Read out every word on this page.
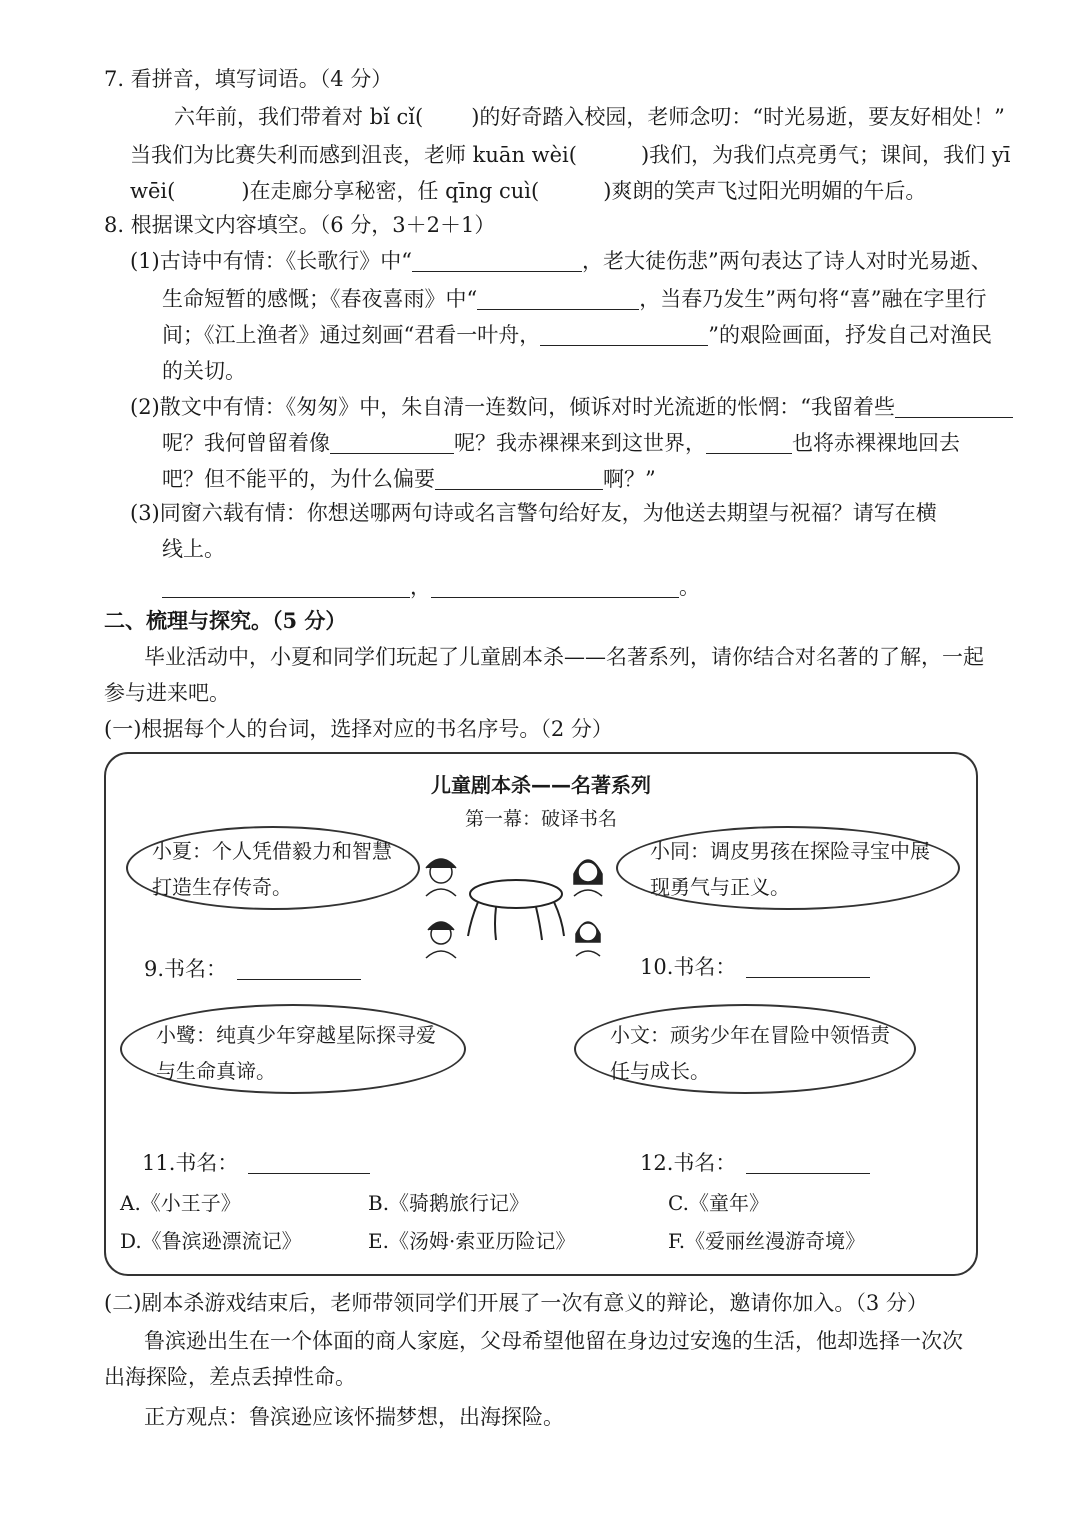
7. 看拼音，填写词语。（4 分）
六年前，我们带着对 bǐ cǐ( )的好奇踏入校园，老师念叨：“时光易逝，要友好相处！”
当我们为比赛失利而感到沮丧，老师 kuān wèi(	)我们，为我们点亮勇气；课间，我们 yī
wēi(	)在走廊分享秘密，任 qīng cuì(	)爽朗的笑声飞过阳光明媚的午后。
8. 根据课文内容填空。（6 分，3＋2＋1）
(1)古诗中有情：《长歌行》中“	，老大徒伤悲”两句表达了诗人对时光易逝、
生命短暂的感慨；《春夜喜雨》中“	，当春乃发生”两句将“喜”融在字里行
间；《江上渔者》通过刻画“君看一叶舟，	”的艰险画面，抒发自己对渔民
的关切。
(2)散文中有情：《匆匆》中，朱自清一连数问，倾诉对时光流逝的怅惘：“我留着些
呢？我何曾留着像	呢？我赤裸裸来到这世界，	也将赤裸裸地回去
吧？但不能平的，为什么偏要	啊？”
(3)同窗六载有情：你想送哪两句诗或名言警句给好友，为他送去期望与祝福？请写在横
线上。
，	。
二、梳理与探究。（5 分）
毕业活动中，小夏和同学们玩起了儿童剧本杀——名著系列，请你结合对名著的了解，一起
参与进来吧。
(一)根据每个人的台词，选择对应的书名序号。（2 分）
儿童剧本杀——名著系列
第一幕：破译书名
小夏：个人凭借毅力和智慧
打造生存传奇。
小同：调皮男孩在探险寻宝中展
现勇气与正义。
9.书名：	10.书名：
小鹭：纯真少年穿越星际探寻爱
与生命真谛。
小文：顽劣少年在冒险中领悟责
任与成长。
11.书名：	12.书名：
A.《小王子》	B.《骑鹅旅行记》	C.《童年》
D.《鲁滨逊漂流记》	E.《汤姆·索亚历险记》	F.《爱丽丝漫游奇境》
(二)剧本杀游戏结束后，老师带领同学们开展了一次有意义的辩论，邀请你加入。（3 分）
鲁滨逊出生在一个体面的商人家庭，父母希望他留在身边过安逸的生活，他却选择一次次
出海探险，差点丢掉性命。
正方观点：鲁滨逊应该怀揣梦想，出海探险。
